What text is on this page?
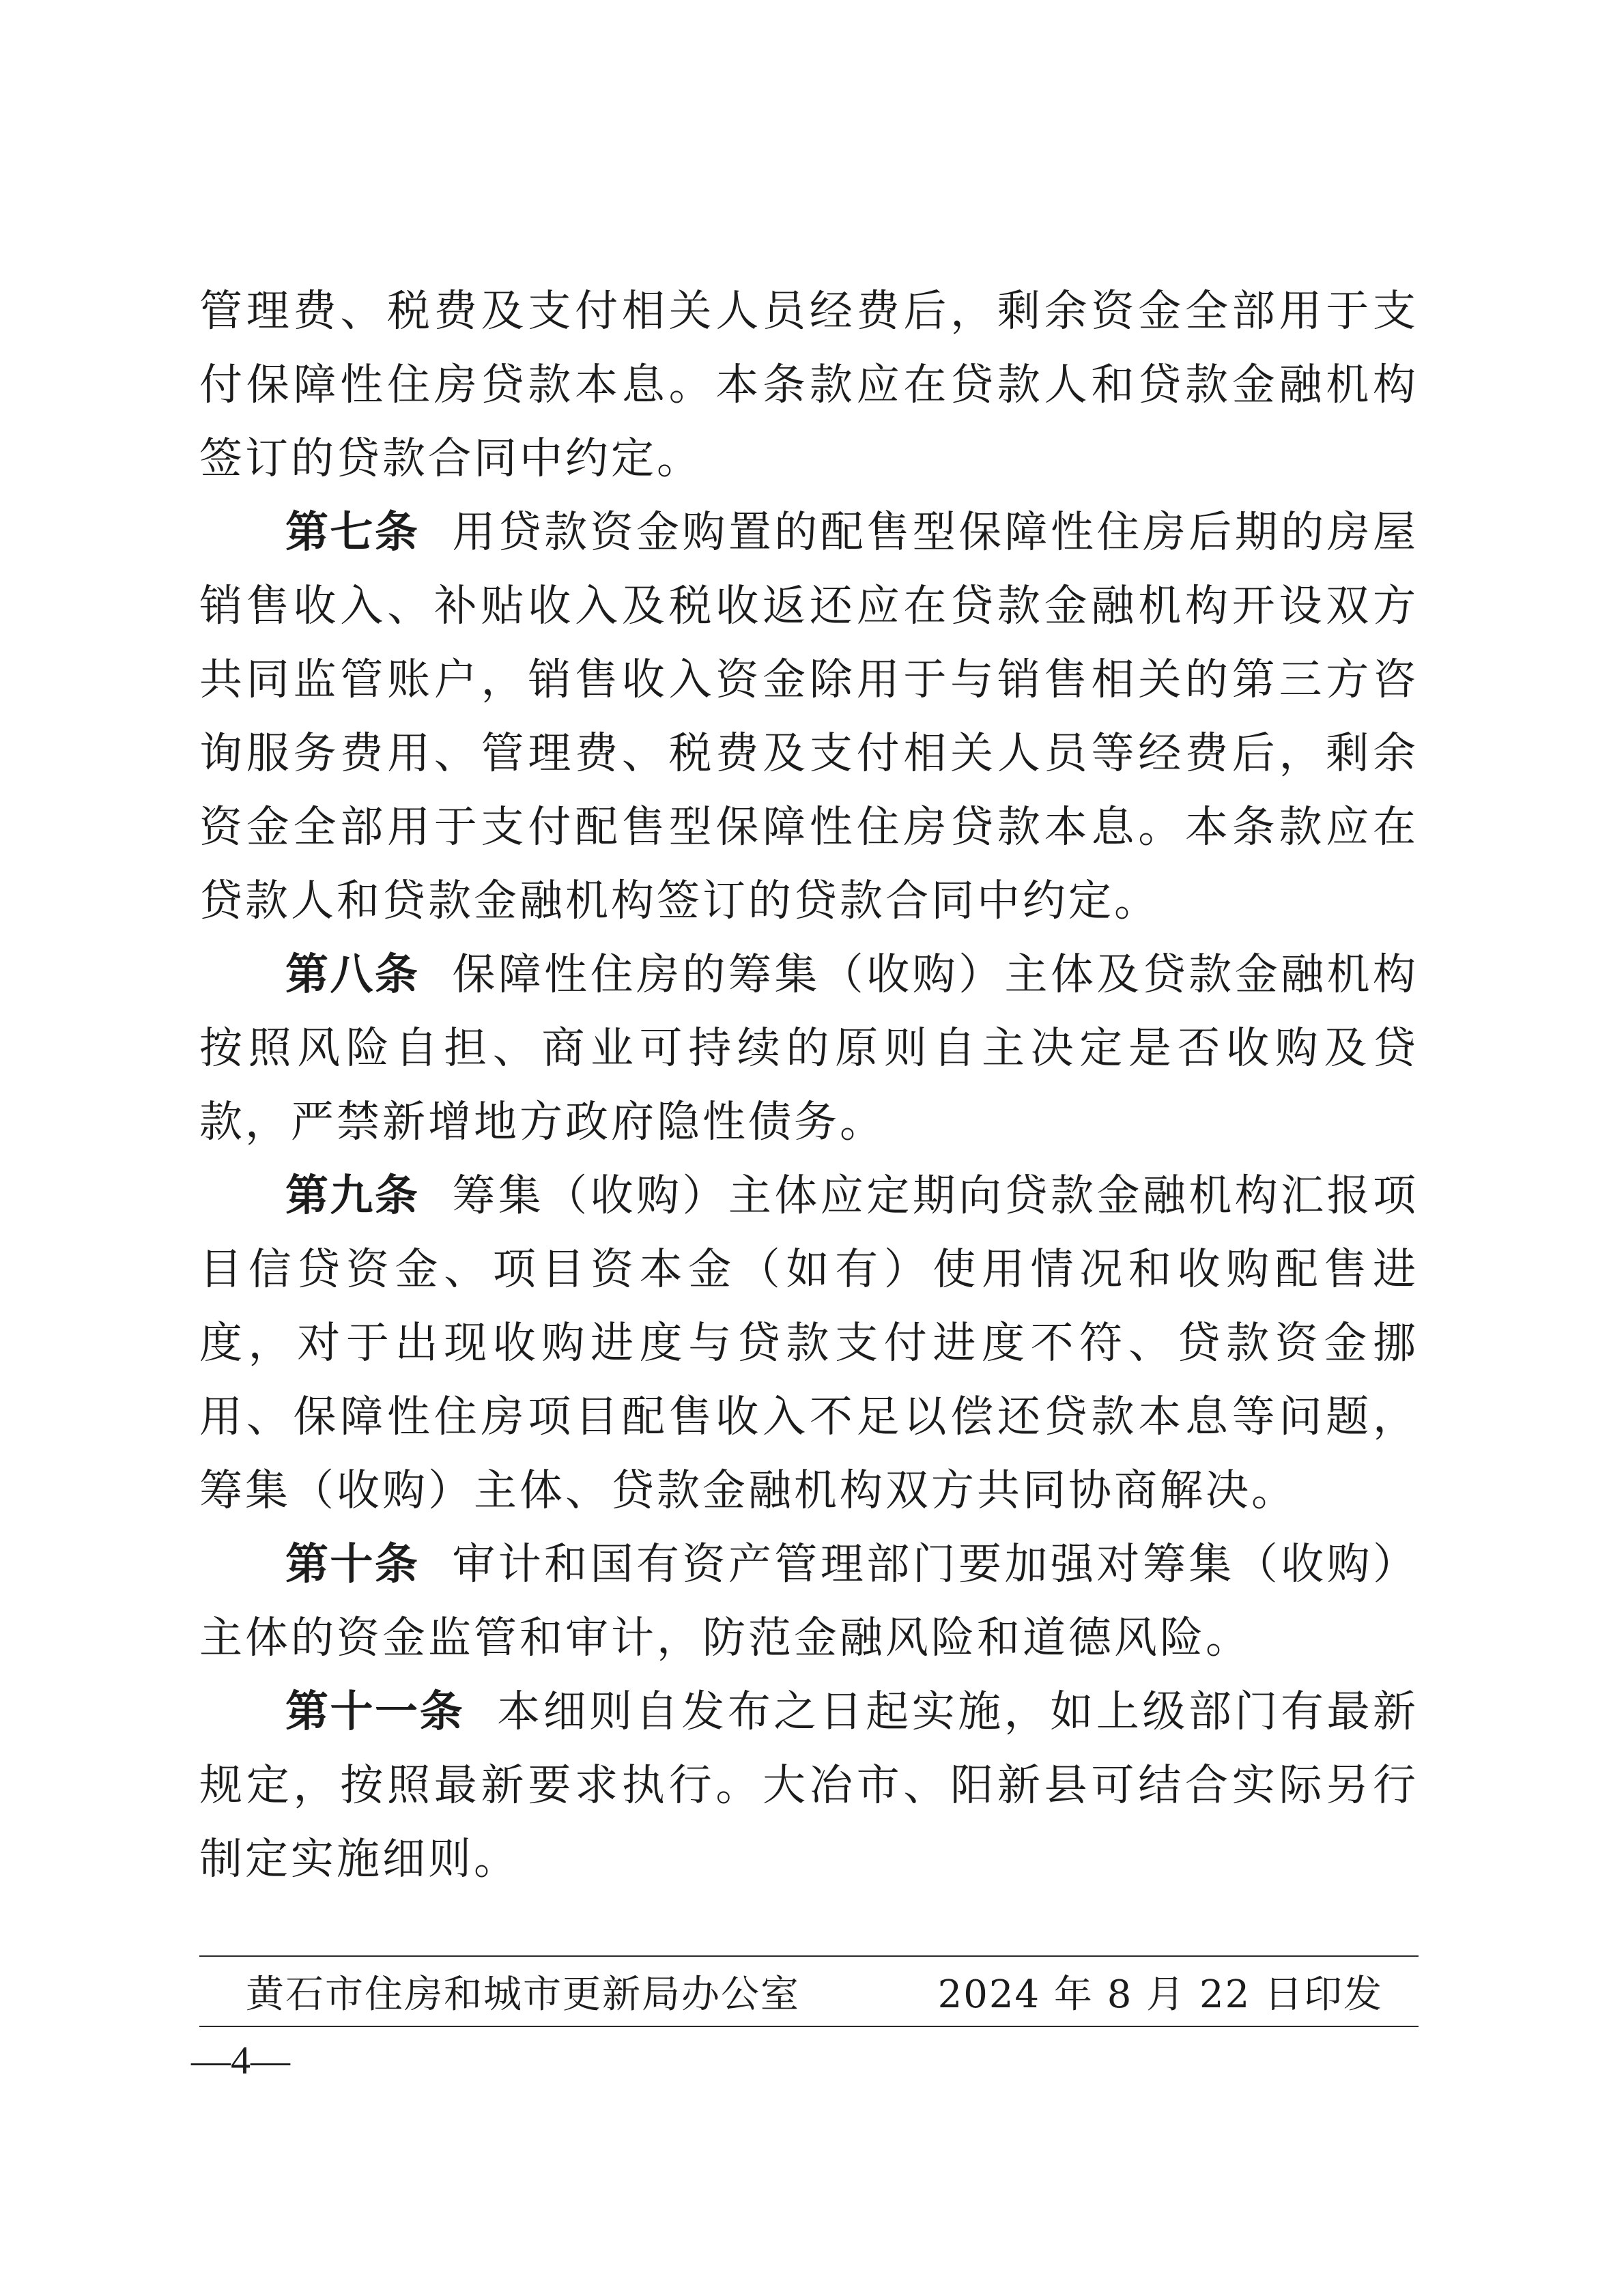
管理费、税费及支付相关人员经费后，剩余资金全部用于支付保障性住房贷款本息。本条款应在贷款人和贷款金融机构签订的贷款合同中约定。

第七条 用贷款资金购置的配售型保障性住房后期的房屋销售收入、补贴收入及税收返还应在贷款金融机构开设双方共同监管账户，销售收入资金除用于与销售相关的第三方咨询服务费用、管理费、税费及支付相关人员等经费后，剩余资金全部用于支付配售型保障性住房贷款本息。本条款应在贷款人和贷款金融机构签订的贷款合同中约定。

第八条 保障性住房的筹集（收购）主体及贷款金融机构按照风险自担、商业可持续的原则自主决定是否收购及贷款，严禁新增地方政府隐性债务。

第九条 筹集（收购）主体应定期向贷款金融机构汇报项目信贷资金、项目资本金（如有）使用情况和收购配售进度，对于出现收购进度与贷款支付进度不符、贷款资金挪用、保障性住房项目配售收入不足以偿还贷款本息等问题，筹集（收购）主体、贷款金融机构双方共同协商解决。

第十条 审计和国有资产管理部门要加强对筹集（收购）主体的资金监管和审计，防范金融风险和道德风险。

第十一条 本细则自发布之日起实施，如上级部门有最新规定，按照最新要求执行。大冶市、阳新县可结合实际另行制定实施细则。

黄石市住房和城市更新局办公室	2024 年 8 月 22 日印发
—4—
